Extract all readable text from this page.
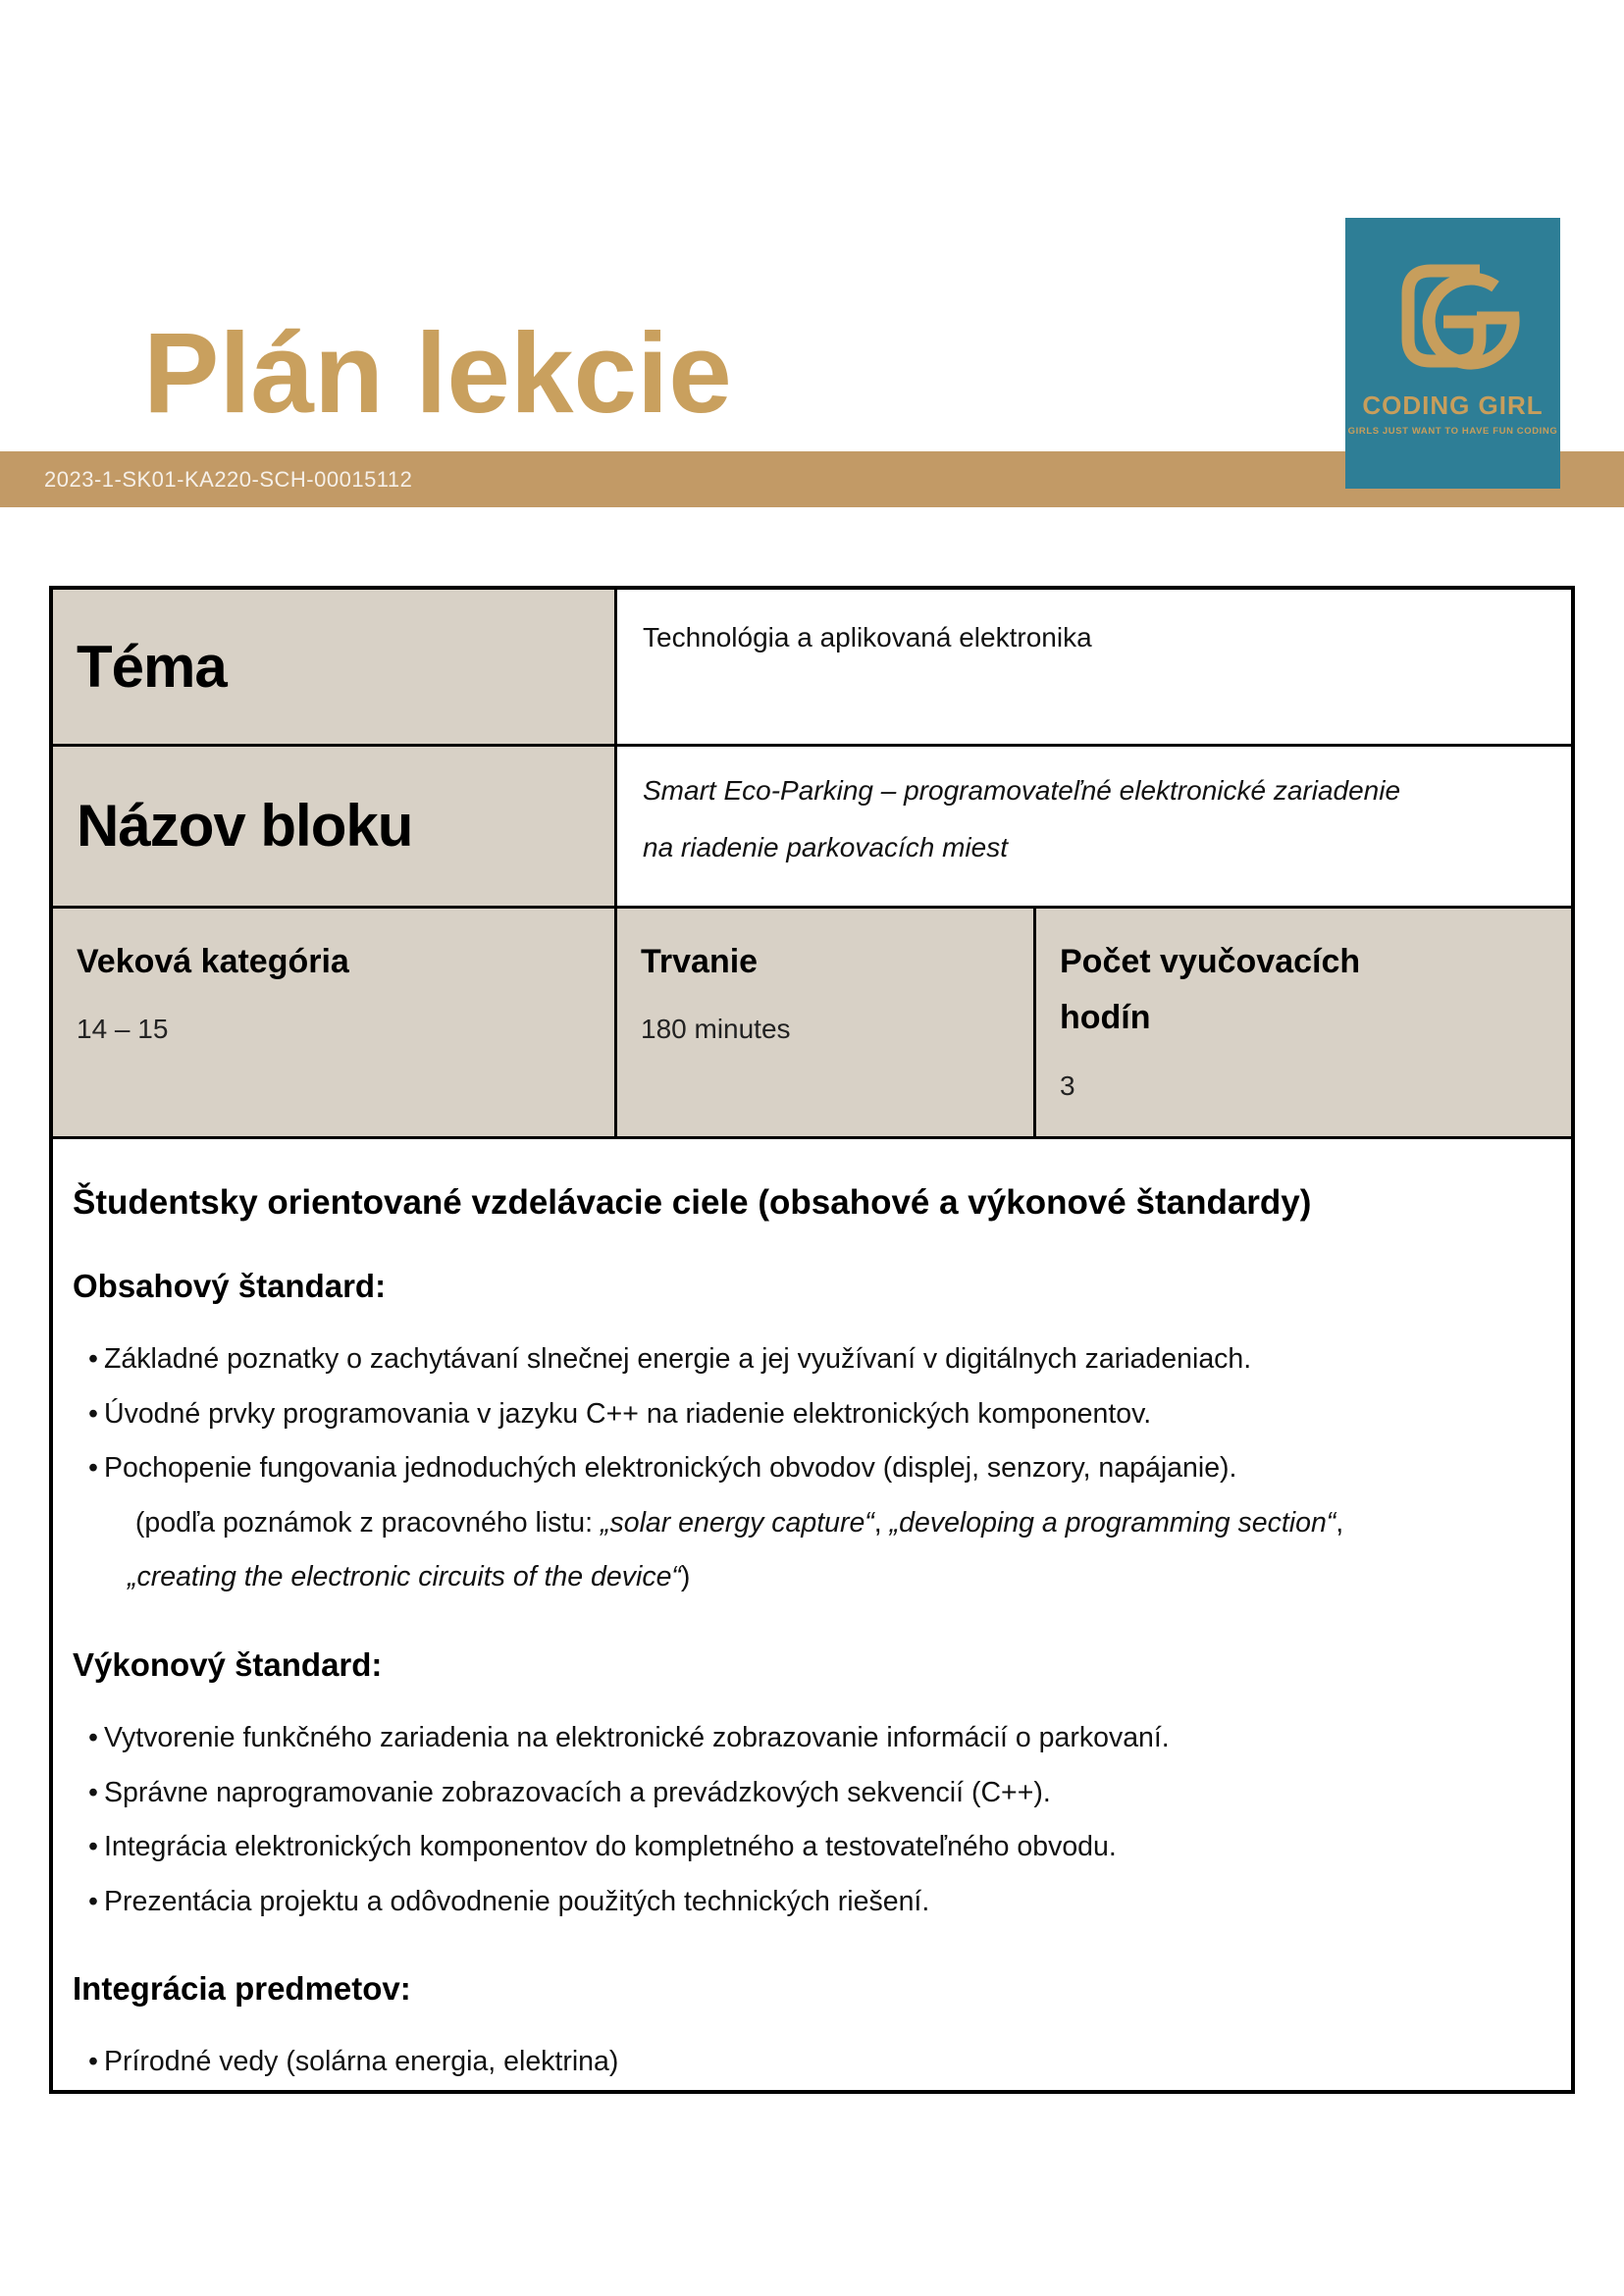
Plán lekcie
2023-1-SK01-KA220-SCH-00015112
CODING GIRL
GIRLS JUST WANT TO HAVE FUN CODING
Téma	Technológia a aplikovaná elektronika
Názov bloku
Smart Eco-Parking – programovateľné elektronické zariadenie na riadenie parkovacích miest
Veková kategória
14 – 15
Trvanie
180 minutes
Počet vyučovacích hodín
3
Študentsky orientované vzdelávacie ciele (obsahové a výkonové štandardy)
Obsahový štandard:
• Základné poznatky o zachytávaní slnečnej energie a jej využívaní v digitálnych zariadeniach.
• Úvodné prvky programovania v jazyku C++ na riadenie elektronických komponentov.
• Pochopenie fungovania jednoduchých elektronických obvodov (displej, senzory, napájanie).
(podľa poznámok z pracovného listu: „solar energy capture“, „developing a programming section“,
„creating the electronic circuits of the device“)
Výkonový štandard:
• Vytvorenie funkčného zariadenia na elektronické zobrazovanie informácií o parkovaní.
• Správne naprogramovanie zobrazovacích a prevádzkových sekvencií (C++).
• Integrácia elektronických komponentov do kompletného a testovateľného obvodu.
• Prezentácia projektu a odôvodnenie použitých technických riešení.
Integrácia predmetov:
• Prírodné vedy (solárna energia, elektrina)
